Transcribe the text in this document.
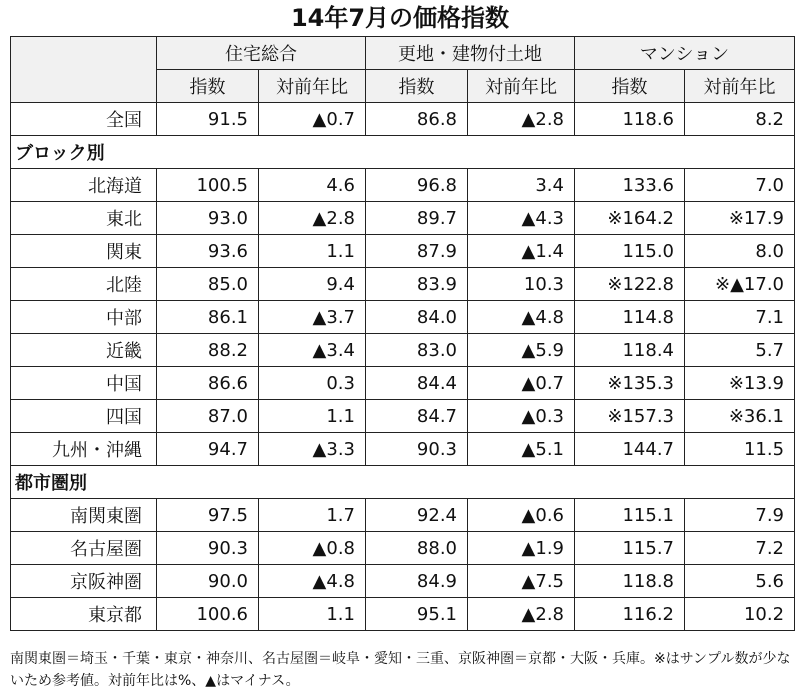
14年7月の価格指数
	住宅総合		更地・建物付土地		マンション	
	指数	対前年比	指数	対前年比	指数	対前年比
全国	91.5	▲0.7	86.8	▲2.8	118.6	8.2
ブロック別						
北海道	100.5	4.6	96.8	3.4	133.6	7.0
東北	93.0	▲2.8	89.7	▲4.3	※164.2	※17.9
関東	93.6	1.1	87.9	▲1.4	115.0	8.0
北陸	85.0	9.4	83.9	10.3	※122.8	※▲17.0
中部	86.1	▲3.7	84.0	▲4.8	114.8	7.1
近畿	88.2	▲3.4	83.0	▲5.9	118.4	5.7
中国	86.6	0.3	84.4	▲0.7	※135.3	※13.9
四国	87.0	1.1	84.7	▲0.3	※157.3	※36.1
九州・沖縄	94.7	▲3.3	90.3	▲5.1	144.7	11.5
都市圏別						
南関東圏	97.5	1.7	92.4	▲0.6	115.1	7.9
名古屋圏	90.3	▲0.8	88.0	▲1.9	115.7	7.2
京阪神圏	90.0	▲4.8	84.9	▲7.5	118.8	5.6
東京都	100.6	1.1	95.1	▲2.8	116.2	10.2
南関東圏＝埼玉・千葉・東京・神奈川、名古屋圏＝岐阜・愛知・三重、京阪神圏＝京都・大阪・兵庫。※はサンプル数が少ないため参考値。対前年比は%、▲はマイナス。
